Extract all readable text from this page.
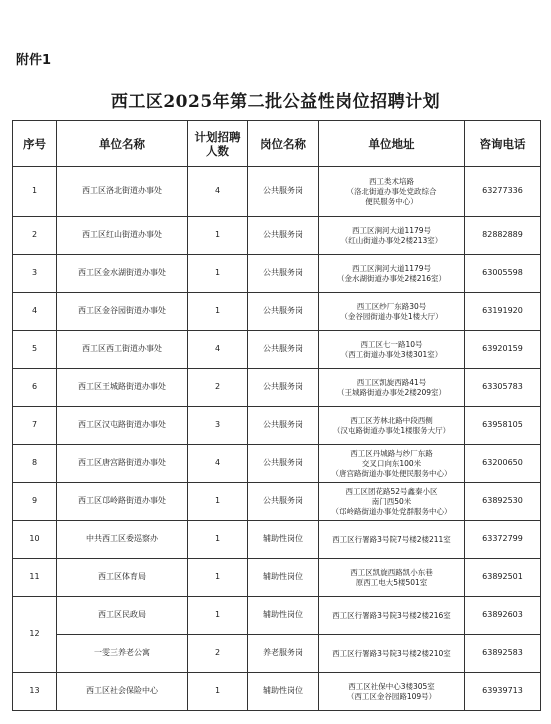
附件1
西工区2025年第二批公益性岗位招聘计划
序号	单位名称	计划招聘
人数	岗位名称	单位地址	咨询电话
1	西工区洛北街道办事处	4	公共服务岗	西工类术培路
（洛北街道办事处党政综合
便民服务中心）	63277336
2	西工区红山街道办事处	1	公共服务岗	西工区涧河大道1179号
（红山街道办事处2楼213室）	82882889
3	西工区金水湖街道办事处	1	公共服务岗	西工区涧河大道1179号
（金水湖街道办事处2楼216室）	63005598
4	西工区金谷园街道办事处	1	公共服务岗	西工区纱厂东路30号
（金谷园街道办事处1楼大厅）	63191920
5	西工区西工街道办事处	4	公共服务岗	西工区七一路10号
（西工街道办事处3楼301室）	63920159
6	西工区王城路街道办事处	2	公共服务岗	西工区凯旋西路41号
（王城路街道办事处2楼209室）	63305783
7	西工区汉屯路街道办事处	3	公共服务岗	西工区芳林北路中段西侧
（汉屯路街道办事处1楼服务大厅）	63958105
8	西工区唐宫路街道办事处	4	公共服务岗	西工区丹城路与纱厂东路
交叉口向东100米
（唐宫路街道办事处便民服务中心）	63200650
9	西工区邙岭路街道办事处	1	公共服务岗	西工区团花路52号鑫秦小区
南门西50米
（邙岭路街道办事处党群服务中心）	63892530
10	中共西工区委巡察办	1	辅助性岗位	西工区行署路3号院7号楼2楼211室	63372799
11	西工区体育局	1	辅助性岗位	西工区凯旋西路凯小东巷
原西工电大5楼501室	63892501
12	西工区民政局	1	辅助性岗位	西工区行署路3号院3号楼2楼216室	63892603
	一雯三养老公寓	2	养老服务岗	西工区行署路3号院3号楼2楼210室	63892583
13	西工区社会保险中心	1	辅助性岗位	西工区社保中心3楼305室
（西工区金谷园路109号）	63939713
